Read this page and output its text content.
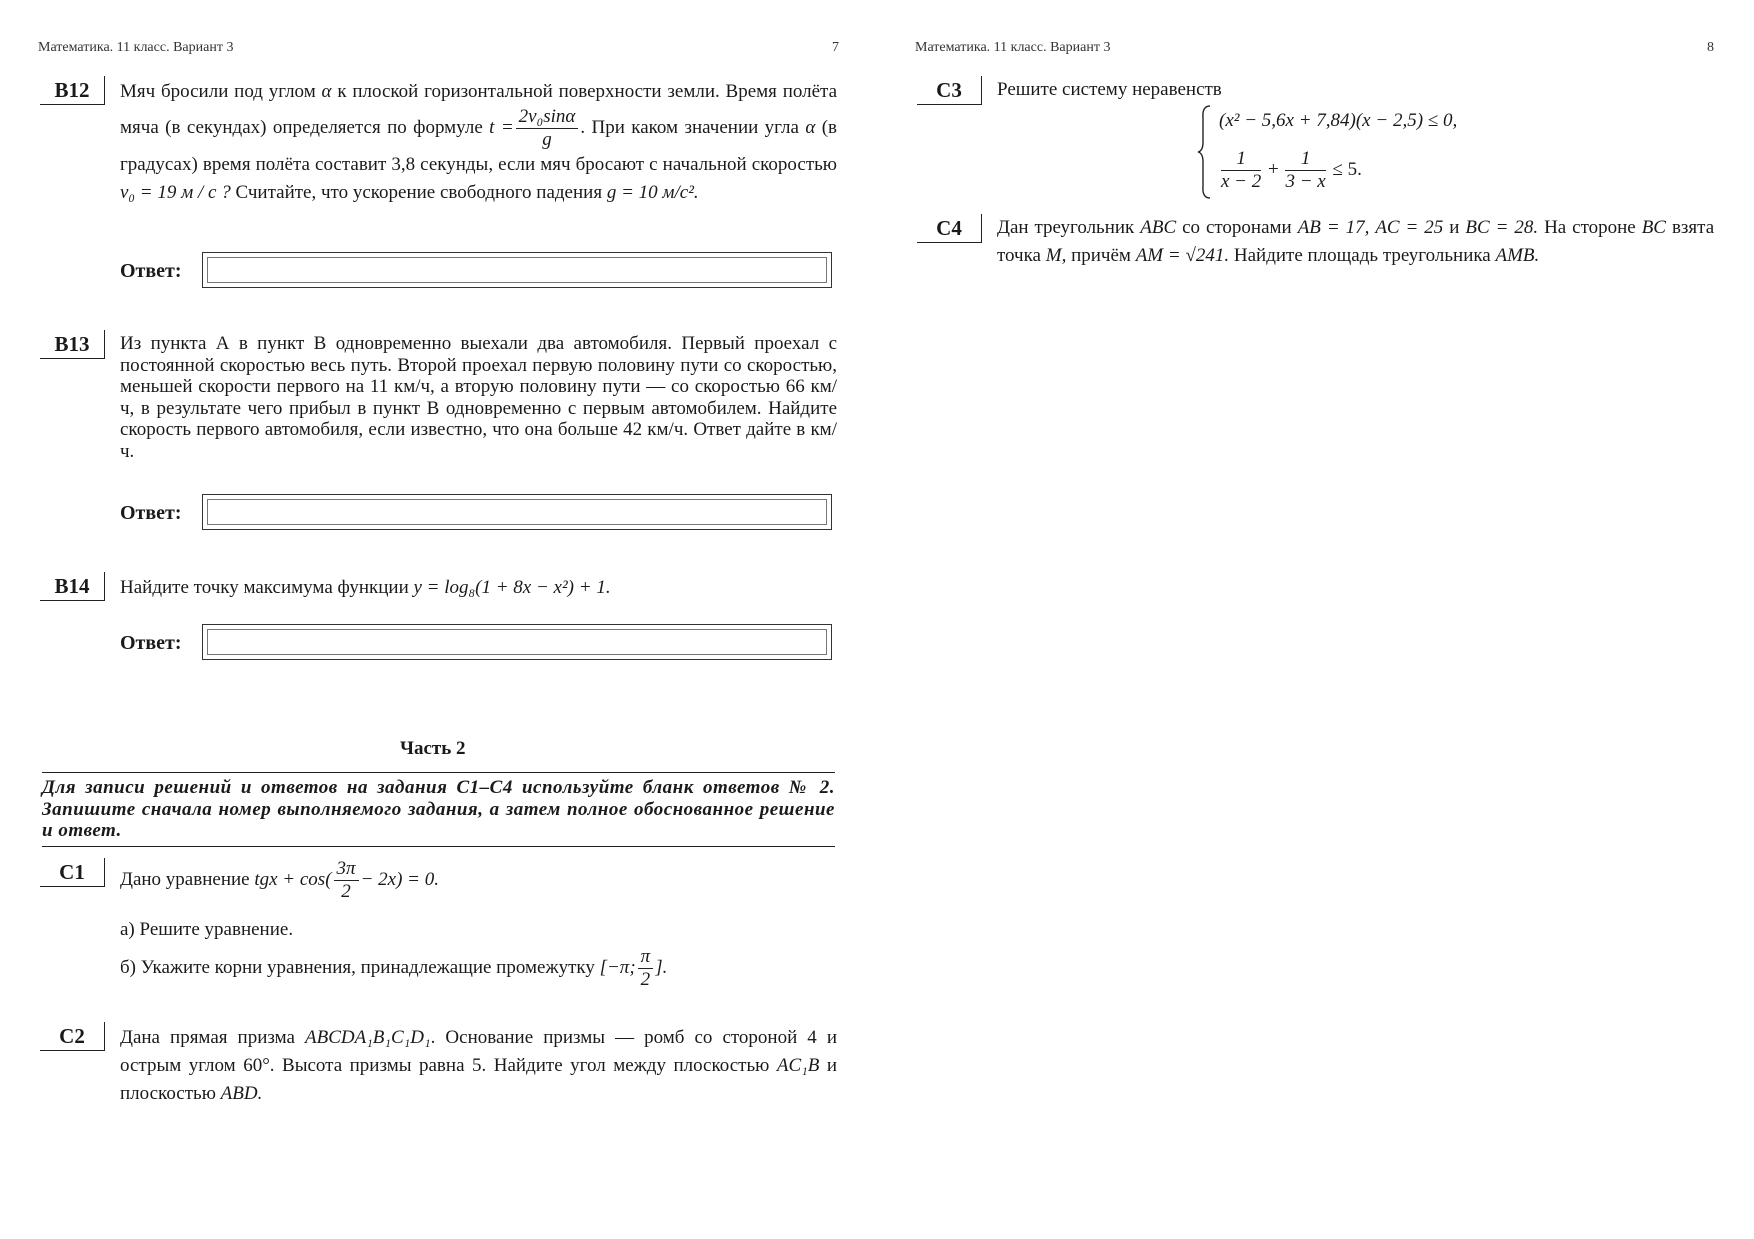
Математика. 11 класс. Вариант 3	7
B12	Мяч бросили под углом α к плоской горизонтальной поверхности земли. Время полёта мяча (в секундах) определяется по формуле $t = \frac{\text{2v₀sinα}}{g}$ . При каком значении угла α (в градусах) время полёта составит 3,8 секунды, если мяч бросают с начальной скоростью v₀ = 19 м / с ? Считайте, что ускорение свободного падения g = 10 м/с².
Ответ:
B13	Из пункта А в пункт В одновременно выехали два автомобиля. Первый проехал с постоянной скоростью весь путь. Второй проехал первую половину пути со скоростью, меньшей скорости первого на 11 км/ч, а вторую половину пути — со скоростью 66 км/ч, в результате чего прибыл в пункт В одновременно с первым автомобилем. Найдите скорость первого автомобиля, если известно, что она больше 42 км/ч. Ответ дайте в км/ч.
Ответ:
B14	Найдите точку максимума функции y = log₈(1 + 8x − x²) + 1.
Ответ:
Часть 2
Для записи решений и ответов на задания С1–С4 используйте бланк ответов № 2. Запишите сначала номер выполняемого задания, а затем полное обоснованное решение и ответ.
C1	Дано уравнение tgx + $\cos( \frac{3\pi}{2} - 2x) = 0$.
а) Решите уравнение.
б) Укажите корни уравнения, принадлежащие промежутку [−π; $\frac{\pi}{2}$ ].
C2	Дана прямая призма ABCDA₁B₁C₁D₁. Основание призмы — ромб со стороной 4 и острым углом 60°. Высота призмы равна 5. Найдите угол между плоскостью AC₁B и плоскостью ABD.
Математика. 11 класс. Вариант 3	8
C3	Решите систему неравенств
(x² − 5,6x + 7,84)(x − 2,5) ≤ 0,
$\frac{1}{x - 2} + \frac{1}{3 - x} \le 5$.
C4	Дан треугольник ABC со сторонами AB = 17, AC = 25 и BC = 28. На стороне BC взята точка M, причём AM = √241. Найдите площадь треугольника AMB.
